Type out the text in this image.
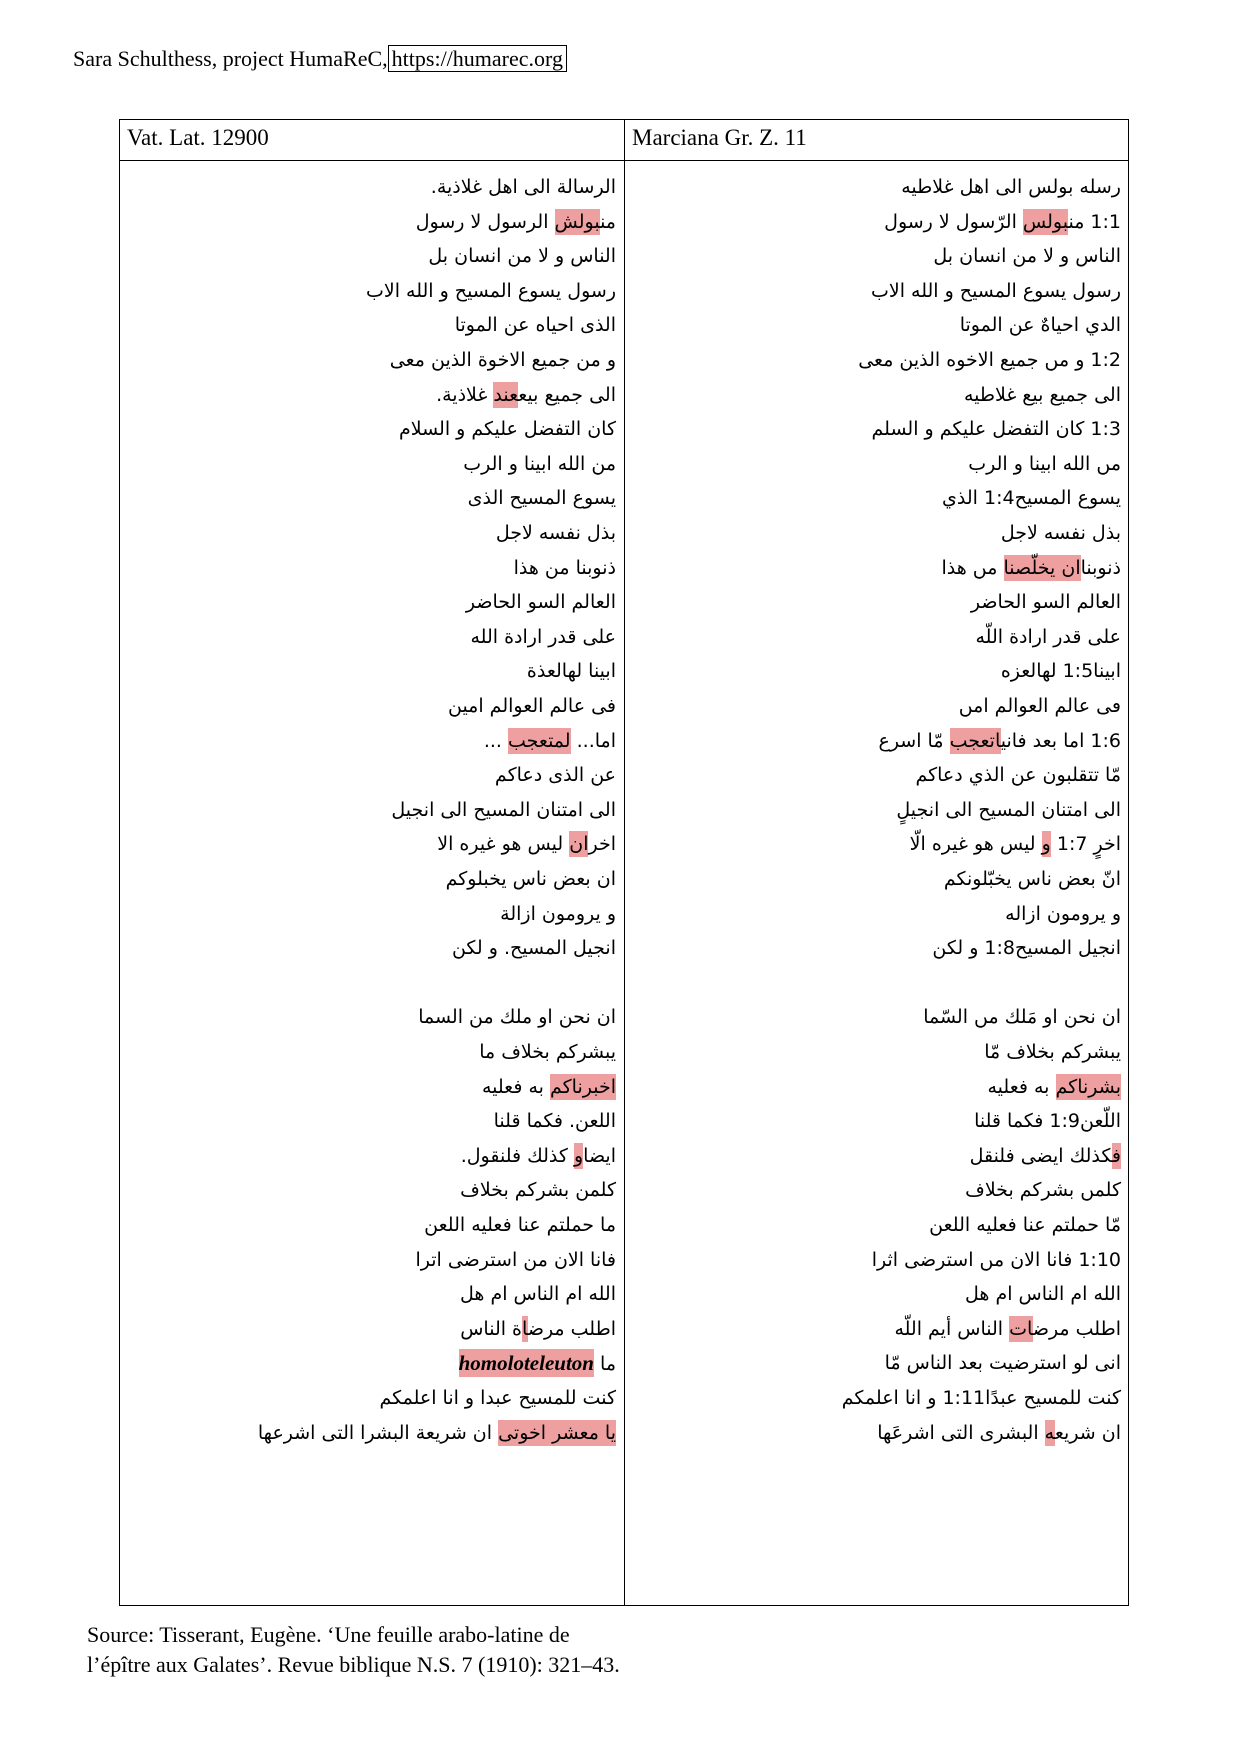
Sara Schulthess, project HumaReC, https://humarec.org
Vat. Lat. 12900	Marciana Gr. Z. 11
الرسالة الى اهل غلاذية.
منبولش الرسول لا رسول
الناس و لا من انسان بل
رسول يسوع المسيح و الله الاب
الذى احياه عن الموتا
و من جميع الاخوة الذين معى
الى جميع بيععند غلاذية.
كان التفضل عليكم و السلام
من الله ابينا و الرب
يسوع المسيح الذى
بذل نفسه لاجل
ذنوبنا من هذا
العالم السو الحاضر
على قدر ارادة الله
ابينا لهالعذة
فى عالم العوالم امين
اما... لمتعجب ...
عن الذى دعاكم
الى امتنان المسيح الى انجيل
اخران ليس هو غيره الا
ان بعض ناس يخبلوكم
و يرومون ازالة
انجيل المسيح. و لكن
ان نحن او ملك من السما
يبشركم بخلاف ما
اخبرناكم به فعليه
اللعن. فكما قلنا
ايضاو كذلك فلنقول.
كلمن بشركم بخلاف
ما حملتم عنا فعليه اللعن
فانا الان من استرضى اترا
الله ام الناس ام هل
اطلب مرضاة الناس
homoloteleuton ما
كنت للمسيح عبدا و انا اعلمكم
يا معشر اخوتى ان شريعة البشرا التى اشرعها
رسله بولس الى اهل غلاطيه
1:1 منبولس الرّسول لا رسول
الناس و لا من انسان بل
رسول يسوع المسيح و الله الاب
الدي احياهٌ عن الموتا
1:2 و مں جميع الاخوه الذين معى
الى جميع بيع غلاطيه
1:3 كان التفضل عليكم و السلم
مں الله ابينا و الرب
يسوع المسيح1:4 الذي
بذل نفسه لاجل
ذنوبناان يخلّصنا مں هذا
العالم السو الحاضر
على قدر ارادة اللّه
ابينا1:5 لهالعزه
ڡى عالم العوالم امں
1:6 اما بعد فانياتعجب مّا اسرع
مّا تتقلبون عن الذي دعاكم
الى امتنان المسيح الى انجيلٍ
اخرٍ 1:7 و ليس هو غيره الّا
انّ بعض ناس يخبّلونكم
و يرومون ازاله
انجيل المسيح1:8 و لكن
ان نحن او مَلك مں السّما
يبشركم بخلاف مّا
بشرناكم به فعليه
اللّعن1:9 فكما قلنا
فكذلك ايضى فلنقل
كلمں بشركم بخلاف
مّا حملتم عنا فعليه اللعن
1:10 فانا الان مں استرضى اثرا
الله ام الناس ام هل
اطلب مرضات الناس أيم اللّه
انى لو استرضيت بعد الناس مّا
كنت للمسيح عبدًا1:11 و انا اعلمكم
ان شريعه البشرى التى اشرعَها
Source: Tisserant, Eugène. ‘Une feuille arabo-latine de
l’épître aux Galates’. Revue biblique N.S. 7 (1910): 321–43.
